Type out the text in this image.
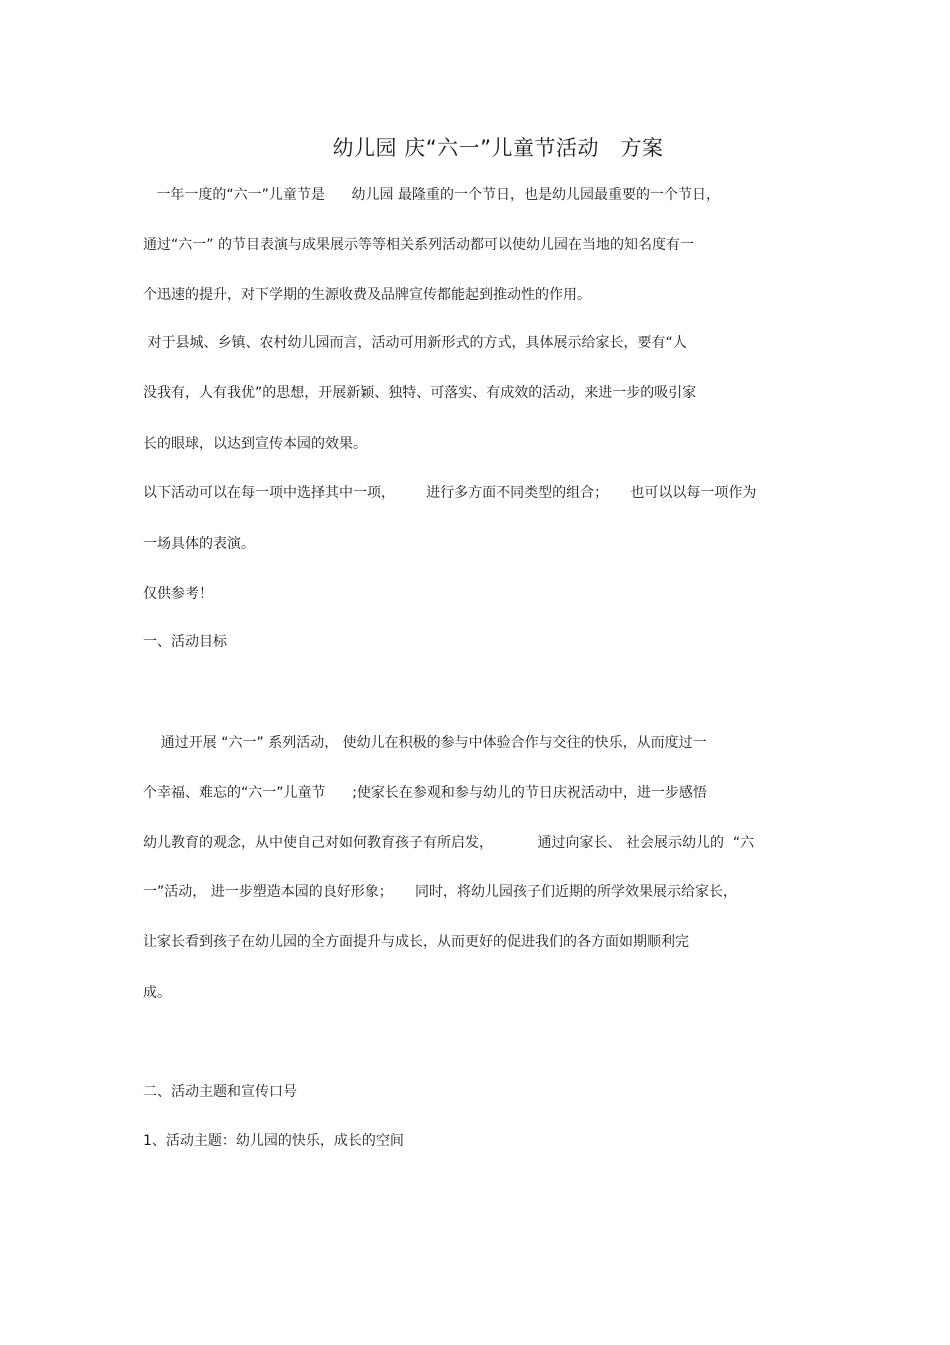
幼儿园 庆“六一”儿童节活动   方案
一年一度的“六一”儿童节是      幼儿园 最隆重的一个节日，也是幼儿园最重要的一个节日，
通过“六一” 的节目表演与成果展示等等相关系列活动都可以使幼儿园在当地的知名度有一
个迅速的提升，对下学期的生源收费及品牌宣传都能起到推动性的作用。
对于县城、乡镇、农村幼儿园而言，活动可用新形式的方式，具体展示给家长，要有“人
没我有，人有我优”的思想，开展新颖、独特、可落实、有成效的活动，来进一步的吸引家
长的眼球，以达到宣传本园的效果。
以下活动可以在每一项中选择其中一项，       进行多方面不同类型的组合；     也可以以每一项作为
一场具体的表演。
仅供参考！
一、活动目标
通过开展 “六一” 系列活动， 使幼儿在积极的参与中体验合作与交往的快乐，从而度过一
个幸福、难忘的“六一”儿童节      ;使家长在参观和参与幼儿的节日庆祝活动中，进一步感悟
幼儿教育的观念，从中使自己对如何教育孩子有所启发，          通过向家长、 社会展示幼儿的  “六
一”活动， 进一步塑造本园的良好形象；     同时，将幼儿园孩子们近期的所学效果展示给家长，
让家长看到孩子在幼儿园的全方面提升与成长，从而更好的促进我们的各方面如期顺利完
成。
二、活动主题和宣传口号
1、活动主题：幼儿园的快乐，成长的空间
